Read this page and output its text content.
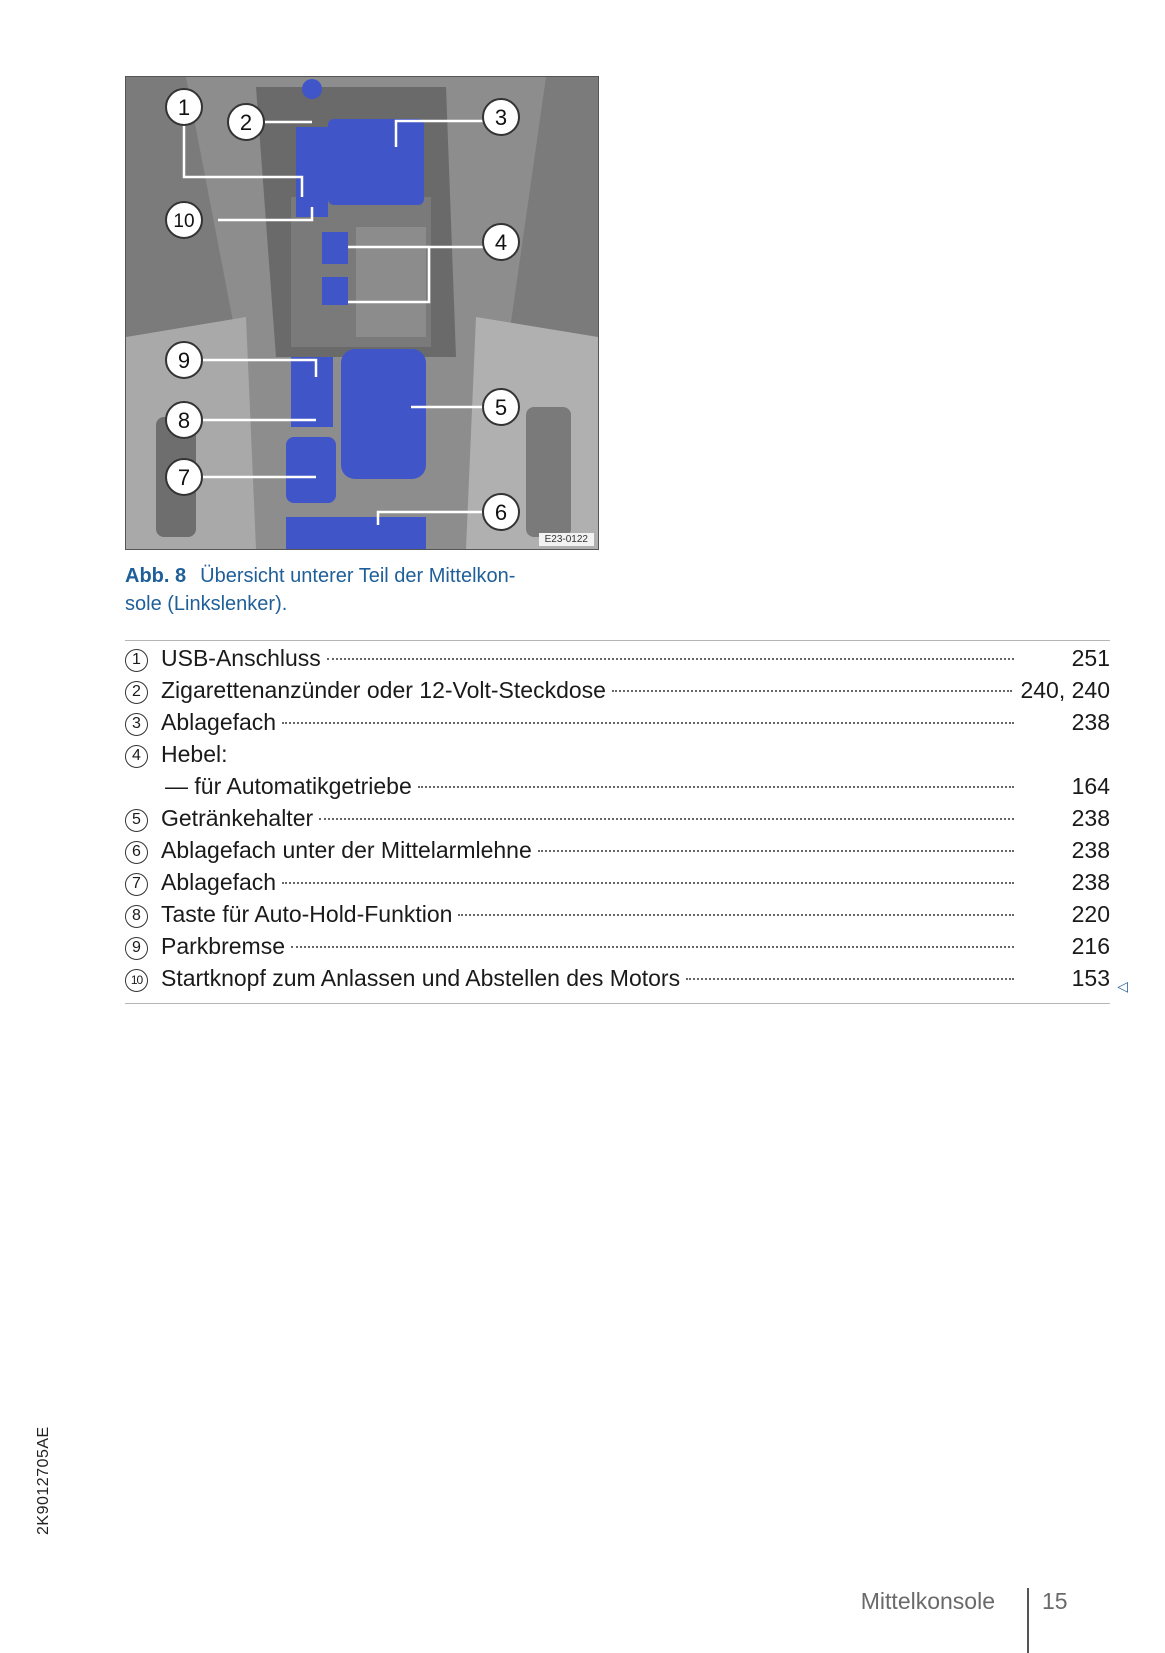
1
2	3
10
4
9
5
8
7
6
E23-0122
Abb. 8 Übersicht unterer Teil der Mittelkon-
sole (Linkslenker).
1 USB-Anschluss	251
2 Zigarettenanzünder oder 12-Volt-Steckdose	240, 240
3 Ablagefach	238
4 Hebel:
— für Automatikgetriebe	164
5 Getränkehalter	238
6 Ablagefach unter der Mittelarmlehne	238
7 Ablagefach	238
8 Taste für Auto-Hold-Funktion	220
9 Parkbremse	216
10 Startknopf zum Anlassen und Abstellen des Motors	153 ◁
2K9012705AE
Mittelkonsole 15
